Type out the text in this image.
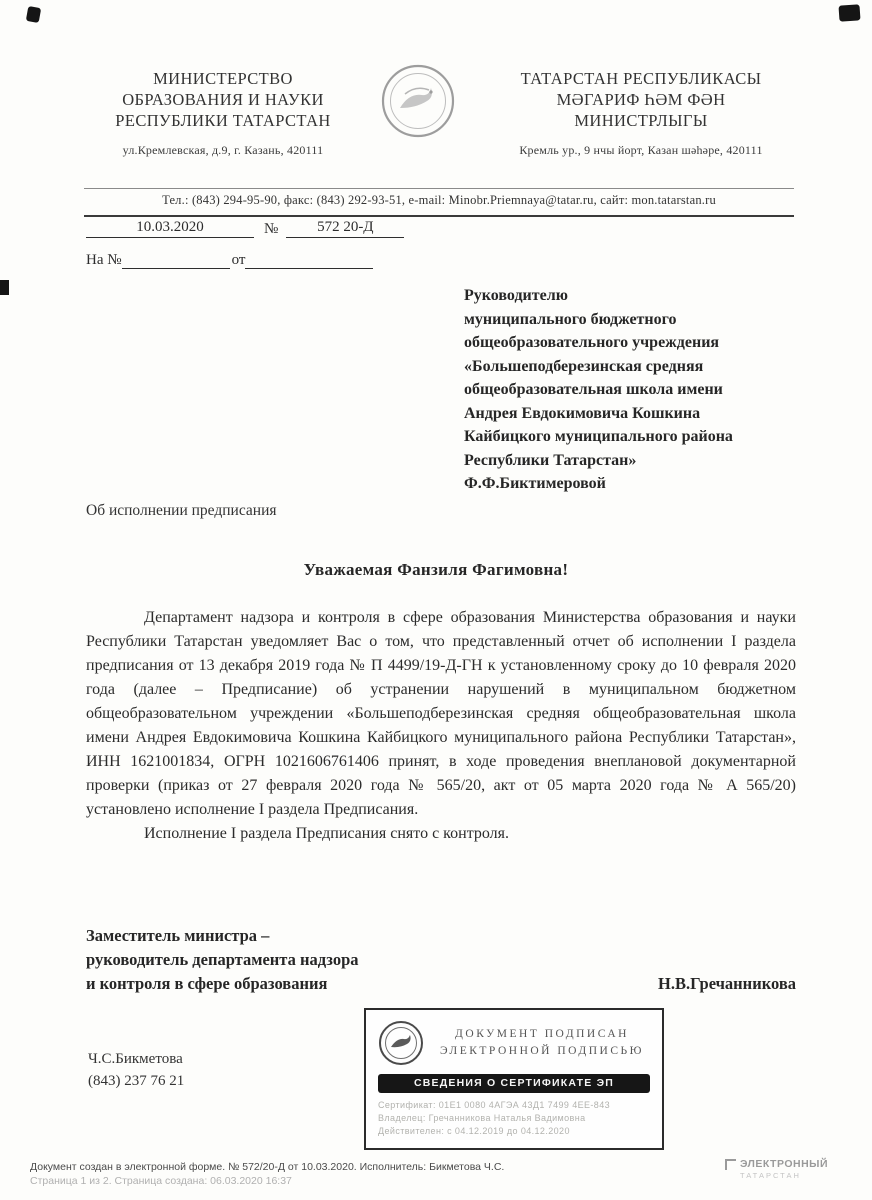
МИНИСТЕРСТВО
ОБРАЗОВАНИЯ И НАУКИ
РЕСПУБЛИКИ ТАТАРСТАН
ул.Кремлевская, д.9, г. Казань, 420111
ТАТАРСТАН РЕСПУБЛИКАСЫ
МӘГАРИФ ҺӘМ ФӘН
МИНИСТРЛЫГЫ
Кремль ур., 9 нчы йорт, Казан шәһәре, 420111
Тел.: (843) 294-95-90, факс: (843) 292-93-51, e-mail: Minobr.Priemnaya@tatar.ru, сайт: mon.tatarstan.ru
10.03.2020	№	572 20-Д
На №	от
Руководителю
муниципального бюджетного
общеобразовательного учреждения
«Большеподберезинская средняя
общеобразовательная школа имени
Андрея Евдокимовича Кошкина
Кайбицкого муниципального района
Республики Татарстан»
Ф.Ф.Биктимеровой
Об исполнении предписания
Уважаемая Фанзиля Фагимовна!

Департамент надзора и контроля в сфере образования Министерства образования и науки Республики Татарстан уведомляет Вас о том, что представленный отчет об исполнении I раздела предписания от 13 декабря 2019 года № П 4499/19-Д-ГН к установленному сроку до 10 февраля 2020 года (далее – Предписание) об устранении нарушений в муниципальном бюджетном общеобразовательном учреждении «Большеподберезинская средняя общеобразовательная школа имени Андрея Евдокимовича Кошкина Кайбицкого муниципального района Республики Татарстан», ИНН 1621001834, ОГРН 1021606761406 принят, в ходе проведения внеплановой документарной проверки (приказ от 27 февраля 2020 года № 565/20, акт от 05 марта 2020 года № А 565/20) установлено исполнение I раздела Предписания.

Исполнение I раздела Предписания снято с контроля.

Заместитель министра –
руководитель департамента надзора
и контроля в сфере образования	Н.В.Гречанникова
ДОКУМЕНТ ПОДПИСАН
ЭЛЕКТРОННОЙ ПОДПИСЬЮ
СВЕДЕНИЯ О СЕРТИФИКАТЕ ЭП
Сертификат: 01Е1 0080 4АГЭА 43Д1 7499 4ЕЕ-843
Владелец: Гречанникова Наталья Вадимовна
Действителен: с 04.12.2019 до 04.12.2020
Ч.С.Бикметова
(843) 237 76 21
Документ создан в электронной форме. № 572/20-Д от 10.03.2020. Исполнитель: Бикметова Ч.С.
Страница 1 из 2. Страница создана: 06.03.2020 16:37
ЭЛЕКТРОННЫЙ
ТАТАРСТАН
